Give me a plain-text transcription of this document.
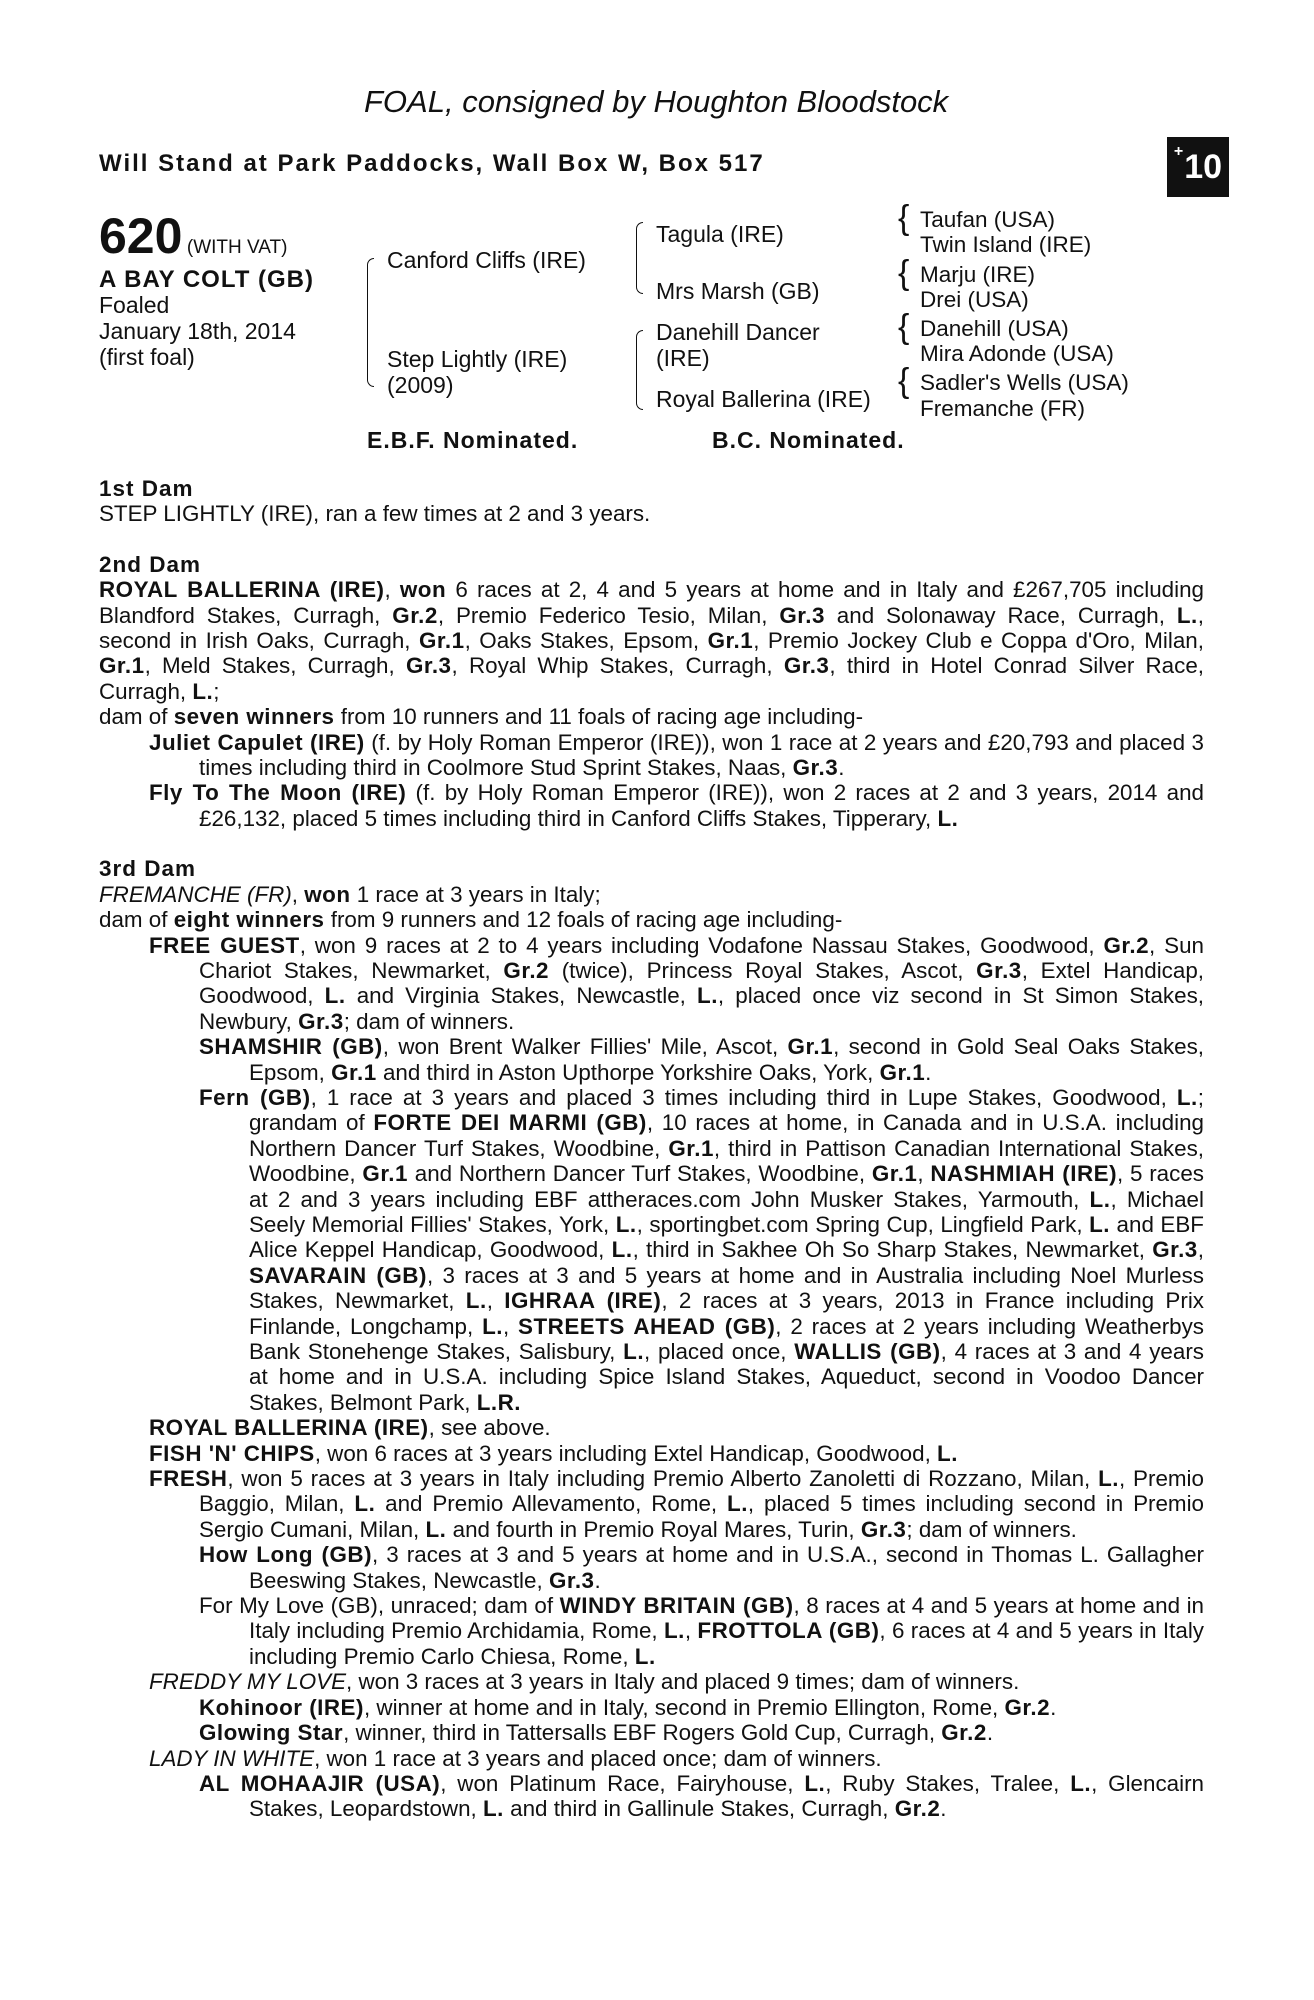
FOAL, consigned by Houghton Bloodstock
Will Stand at Park Paddocks, Wall Box W, Box 517	+ 10
620 (WITH VAT)
A BAY COLT (GB)
Foaled
January 18th, 2014
(first foal)
Canford Cliffs (IRE)
Step Lightly (IRE)
(2009)
Tagula (IRE)
Mrs Marsh (GB)
Danehill Dancer
(IRE)
Royal Ballerina (IRE)
{ Taufan (USA)
Twin Island (IRE)
{ Marju (IRE)
Drei (USA)
{ Danehill (USA)
Mira Adonde (USA)
{ Sadler's Wells (USA)
Fremanche (FR)
E.B.F. Nominated.	B.C. Nominated.
1st Dam

STEP LIGHTLY (IRE), ran a few times at 2 and 3 years.

2nd Dam

ROYAL BALLERINA (IRE), won 6 races at 2, 4 and 5 years at home and in Italy and £267,705 including Blandford Stakes, Curragh, Gr.2, Premio Federico Tesio, Milan, Gr.3 and Solonaway Race, Curragh, L., second in Irish Oaks, Curragh, Gr.1, Oaks Stakes, Epsom, Gr.1, Premio Jockey Club e Coppa d'Oro, Milan, Gr.1, Meld Stakes, Curragh, Gr.3, Royal Whip Stakes, Curragh, Gr.3, third in Hotel Conrad Silver Race, Curragh, L.;

dam of seven winners from 10 runners and 11 foals of racing age including-

Juliet Capulet (IRE) (f. by Holy Roman Emperor (IRE)), won 1 race at 2 years and £20,793 and placed 3 times including third in Coolmore Stud Sprint Stakes, Naas, Gr.3.

Fly To The Moon (IRE) (f. by Holy Roman Emperor (IRE)), won 2 races at 2 and 3 years, 2014 and £26,132, placed 5 times including third in Canford Cliffs Stakes, Tipperary, L.

3rd Dam

FREMANCHE (FR), won 1 race at 3 years in Italy;

dam of eight winners from 9 runners and 12 foals of racing age including-

FREE GUEST, won 9 races at 2 to 4 years including Vodafone Nassau Stakes, Goodwood, Gr.2, Sun Chariot Stakes, Newmarket, Gr.2 (twice), Princess Royal Stakes, Ascot, Gr.3, Extel Handicap, Goodwood, L. and Virginia Stakes, Newcastle, L., placed once viz second in St Simon Stakes, Newbury, Gr.3; dam of winners.

SHAMSHIR (GB), won Brent Walker Fillies' Mile, Ascot, Gr.1, second in Gold Seal Oaks Stakes, Epsom, Gr.1 and third in Aston Upthorpe Yorkshire Oaks, York, Gr.1.

Fern (GB), 1 race at 3 years and placed 3 times including third in Lupe Stakes, Goodwood, L.; grandam of FORTE DEI MARMI (GB), 10 races at home, in Canada and in U.S.A. including Northern Dancer Turf Stakes, Woodbine, Gr.1, third in Pattison Canadian International Stakes, Woodbine, Gr.1 and Northern Dancer Turf Stakes, Woodbine, Gr.1, NASHMIAH (IRE), 5 races at 2 and 3 years including EBF attheraces.com John Musker Stakes, Yarmouth, L., Michael Seely Memorial Fillies' Stakes, York, L., sportingbet.com Spring Cup, Lingfield Park, L. and EBF Alice Keppel Handicap, Goodwood, L., third in Sakhee Oh So Sharp Stakes, Newmarket, Gr.3, SAVARAIN (GB), 3 races at 3 and 5 years at home and in Australia including Noel Murless Stakes, Newmarket, L., IGHRAA (IRE), 2 races at 3 years, 2013 in France including Prix Finlande, Longchamp, L., STREETS AHEAD (GB), 2 races at 2 years including Weatherbys Bank Stonehenge Stakes, Salisbury, L., placed once, WALLIS (GB), 4 races at 3 and 4 years at home and in U.S.A. including Spice Island Stakes, Aqueduct, second in Voodoo Dancer Stakes, Belmont Park, L.R.

ROYAL BALLERINA (IRE), see above.

FISH 'N' CHIPS, won 6 races at 3 years including Extel Handicap, Goodwood, L.

FRESH, won 5 races at 3 years in Italy including Premio Alberto Zanoletti di Rozzano, Milan, L., Premio Baggio, Milan, L. and Premio Allevamento, Rome, L., placed 5 times including second in Premio Sergio Cumani, Milan, L. and fourth in Premio Royal Mares, Turin, Gr.3; dam of winners.

How Long (GB), 3 races at 3 and 5 years at home and in U.S.A., second in Thomas L. Gallagher Beeswing Stakes, Newcastle, Gr.3.

For My Love (GB), unraced; dam of WINDY BRITAIN (GB), 8 races at 4 and 5 years at home and in Italy including Premio Archidamia, Rome, L., FROTTOLA (GB), 6 races at 4 and 5 years in Italy including Premio Carlo Chiesa, Rome, L.

FREDDY MY LOVE, won 3 races at 3 years in Italy and placed 9 times; dam of winners.

Kohinoor (IRE), winner at home and in Italy, second in Premio Ellington, Rome, Gr.2.

Glowing Star, winner, third in Tattersalls EBF Rogers Gold Cup, Curragh, Gr.2.

LADY IN WHITE, won 1 race at 3 years and placed once; dam of winners.

AL MOHAAJIR (USA), won Platinum Race, Fairyhouse, L., Ruby Stakes, Tralee, L., Glencairn Stakes, Leopardstown, L. and third in Gallinule Stakes, Curragh, Gr.2.
